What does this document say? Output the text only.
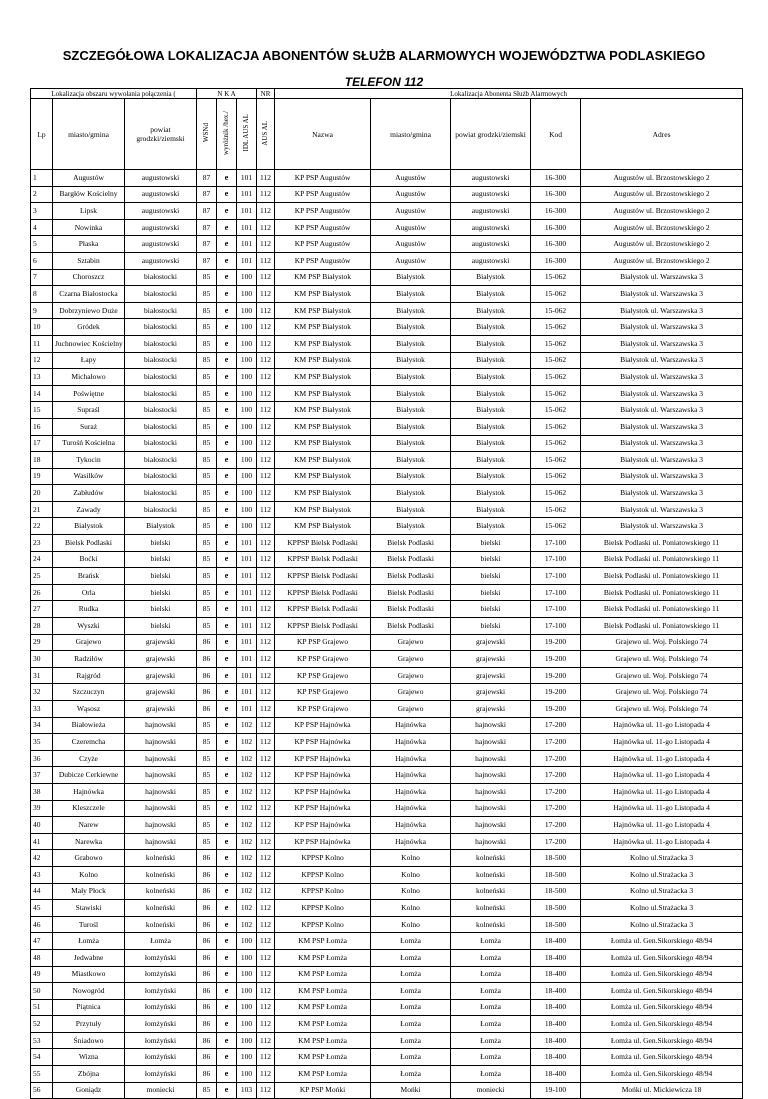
SZCZEGÓŁOWA LOKALIZACJA ABONENTÓW SŁUŻB ALARMOWYCH WOJEWÓDZTWA PODLASKIEGO
TELEFON 112
Lokalizacja obszaru wywołania połączenia (			N K A			NR	Lokalizacja Abonenta Służb Alarmowych				
Lp	miasto/gmina	powiat grodzki/ziemski	WSNd	wyróżnik /hex./	IDL AUS AL	AUS AL	Nazwa	miasto/gmina	powiat grodzki/ziemski	Kod	Adres
1	Augustów	augustowski	87	e	101	112	KP PSP Augustów	Augustów	augustowski	16-300	Augustów ul. Brzostowskiego 2
2	Bargłów Kościelny	augustowski	87	e	101	112	KP PSP Augustów	Augustów	augustowski	16-300	Augustów ul. Brzostowskiego 2
3	Lipsk	augustowski	87	e	101	112	KP PSP Augustów	Augustów	augustowski	16-300	Augustów ul. Brzostowskiego 2
4	Nowinka	augustowski	87	e	101	112	KP PSP Augustów	Augustów	augustowski	16-300	Augustów ul. Brzostowskiego 2
5	Płaska	augustowski	87	e	101	112	KP PSP Augustów	Augustów	augustowski	16-300	Augustów ul. Brzostowskiego 2
6	Sztabin	augustowski	87	e	101	112	KP PSP Augustów	Augustów	augustowski	16-300	Augustów ul. Brzostowskiego 2
7	Choroszcz	białostocki	85	e	100	112	KM PSP Białystok	Białystok	Białystok	15-062	Białystok ul. Warszawska 3
8	Czarna Białostocka	białostocki	85	e	100	112	KM PSP Białystok	Białystok	Białystok	15-062	Białystok ul. Warszawska 3
9	Dobrzyniewo Duże	białostocki	85	e	100	112	KM PSP Białystok	Białystok	Białystok	15-062	Białystok ul. Warszawska 3
10	Gródek	białostocki	85	e	100	112	KM PSP Białystok	Białystok	Białystok	15-062	Białystok ul. Warszawska 3
11	Juchnowiec Kościelny	białostocki	85	e	100	112	KM PSP Białystok	Białystok	Białystok	15-062	Białystok ul. Warszawska 3
12	Łapy	białostocki	85	e	100	112	KM PSP Białystok	Białystok	Białystok	15-062	Białystok ul. Warszawska 3
13	Michałowo	białostocki	85	e	100	112	KM PSP Białystok	Białystok	Białystok	15-062	Białystok ul. Warszawska 3
14	Poświętne	białostocki	85	e	100	112	KM PSP Białystok	Białystok	Białystok	15-062	Białystok ul. Warszawska 3
15	Supraśl	białostocki	85	e	100	112	KM PSP Białystok	Białystok	Białystok	15-062	Białystok ul. Warszawska 3
16	Suraż	białostocki	85	e	100	112	KM PSP Białystok	Białystok	Białystok	15-062	Białystok ul. Warszawska 3
17	Turośń Kościelna	białostocki	85	e	100	112	KM PSP Białystok	Białystok	Białystok	15-062	Białystok ul. Warszawska 3
18	Tykocin	białostocki	85	e	100	112	KM PSP Białystok	Białystok	Białystok	15-062	Białystok ul. Warszawska 3
19	Wasilków	białostocki	85	e	100	112	KM PSP Białystok	Białystok	Białystok	15-062	Białystok ul. Warszawska 3
20	Zabłudów	białostocki	85	e	100	112	KM PSP Białystok	Białystok	Białystok	15-062	Białystok ul. Warszawska 3
21	Zawady	białostocki	85	e	100	112	KM PSP Białystok	Białystok	Białystok	15-062	Białystok ul. Warszawska 3
22	Białystok	Białystok	85	e	100	112	KM PSP Białystok	Białystok	Białystok	15-062	Białystok ul. Warszawska 3
23	Bielsk Podlaski	bielski	85	e	101	112	KPPSP Bielsk Podlaski	Bielsk Podlaski	bielski	17-100	Bielsk Podlaski ul. Poniatowskiego 11
24	Boćki	bielski	85	e	101	112	KPPSP Bielsk Podlaski	Bielsk Podlaski	bielski	17-100	Bielsk Podlaski ul. Poniatowskiego 11
25	Brańsk	bielski	85	e	101	112	KPPSP Bielsk Podlaski	Bielsk Podlaski	bielski	17-100	Bielsk Podlaski ul. Poniatowskiego 11
26	Orla	bielski	85	e	101	112	KPPSP Bielsk Podlaski	Bielsk Podlaski	bielski	17-100	Bielsk Podlaski ul. Poniatowskiego 11
27	Rudka	bielski	85	e	101	112	KPPSP Bielsk Podlaski	Bielsk Podlaski	bielski	17-100	Bielsk Podlaski ul. Poniatowskiego 11
28	Wyszki	bielski	85	e	101	112	KPPSP Bielsk Podlaski	Bielsk Podlaski	bielski	17-100	Bielsk Podlaski ul. Poniatowskiego 11
29	Grajewo	grajewski	86	e	101	112	KP PSP Grajewo	Grajewo	grajewski	19-200	Grajewo ul. Woj. Polskiego 74
30	Radziłów	grajewski	86	e	101	112	KP PSP Grajewo	Grajewo	grajewski	19-200	Grajewo ul. Woj. Polskiego 74
31	Rajgród	grajewski	86	e	101	112	KP PSP Grajewo	Grajewo	grajewski	19-200	Grajewo ul. Woj. Polskiego 74
32	Szczuczyn	grajewski	86	e	101	112	KP PSP Grajewo	Grajewo	grajewski	19-200	Grajewo ul. Woj. Polskiego 74
33	Wąsosz	grajewski	86	e	101	112	KP PSP Grajewo	Grajewo	grajewski	19-200	Grajewo ul. Woj. Polskiego 74
34	Białowieża	hajnowski	85	e	102	112	KP PSP Hajnówka	Hajnówka	hajnowski	17-200	Hajnówka ul. 11-go Listopada 4
35	Czeremcha	hajnowski	85	e	102	112	KP PSP Hajnówka	Hajnówka	hajnowski	17-200	Hajnówka ul. 11-go Listopada 4
36	Czyże	hajnowski	85	e	102	112	KP PSP Hajnówka	Hajnówka	hajnowski	17-200	Hajnówka ul. 11-go Listopada 4
37	Dubicze Cerkiewne	hajnowski	85	e	102	112	KP PSP Hajnówka	Hajnówka	hajnowski	17-200	Hajnówka ul. 11-go Listopada 4
38	Hajnówka	hajnowski	85	e	102	112	KP PSP Hajnówka	Hajnówka	hajnowski	17-200	Hajnówka ul. 11-go Listopada 4
39	Kleszczele	hajnowski	85	e	102	112	KP PSP Hajnówka	Hajnówka	hajnowski	17-200	Hajnówka ul. 11-go Listopada 4
40	Narew	hajnowski	85	e	102	112	KP PSP Hajnówka	Hajnówka	hajnowski	17-200	Hajnówka ul. 11-go Listopada 4
41	Narewka	hajnowski	85	e	102	112	KP PSP Hajnówka	Hajnówka	hajnowski	17-200	Hajnówka ul. 11-go Listopada 4
42	Grabowo	kolneński	86	e	102	112	KPPSP Kolno	Kolno	kolneński	18-500	Kolno ul.Strażacka 3
43	Kolno	kolneński	86	e	102	112	KPPSP Kolno	Kolno	kolneński	18-500	Kolno ul.Strażacka 3
44	Mały Płock	kolneński	86	e	102	112	KPPSP Kolno	Kolno	kolneński	18-500	Kolno ul.Strażacka 3
45	Stawiski	kolneński	86	e	102	112	KPPSP Kolno	Kolno	kolneński	18-500	Kolno ul.Strażacka 3
46	Turośl	kolneński	86	e	102	112	KPPSP Kolno	Kolno	kolneński	18-500	Kolno ul.Strażacka 3
47	Łomża	Łomża	86	e	100	112	KM PSP Łomża	Łomża	Łomża	18-400	Łomża ul. Gen.Sikorskiego 48/94
48	Jedwabne	łomżyński	86	e	100	112	KM PSP Łomża	Łomża	Łomża	18-400	Łomża ul. Gen.Sikorskiego 48/94
49	Miastkowo	łomżyński	86	e	100	112	KM PSP Łomża	Łomża	Łomża	18-400	Łomża ul. Gen.Sikorskiego 48/94
50	Nowogród	łomżyński	86	e	100	112	KM PSP Łomża	Łomża	Łomża	18-400	Łomża ul. Gen.Sikorskiego 48/94
51	Piątnica	łomżyński	86	e	100	112	KM PSP Łomża	Łomża	Łomża	18-400	Łomża ul. Gen.Sikorskiego 48/94
52	Przytuły	łomżyński	86	e	100	112	KM PSP Łomża	Łomża	Łomża	18-400	Łomża ul. Gen.Sikorskiego 48/94
53	Śniadowo	łomżyński	86	e	100	112	KM PSP Łomża	Łomża	Łomża	18-400	Łomża ul. Gen.Sikorskiego 48/94
54	Wizna	łomżyński	86	e	100	112	KM PSP Łomża	Łomża	Łomża	18-400	Łomża ul. Gen.Sikorskiego 48/94
55	Zbójna	łomżyński	86	e	100	112	KM PSP Łomża	Łomża	Łomża	18-400	Łomża ul. Gen.Sikorskiego 48/94
56	Goniądz	moniecki	85	e	103	112	KP PSP Mońki	Mońki	moniecki	19-100	Mońki ul. Mickiewicza 18
